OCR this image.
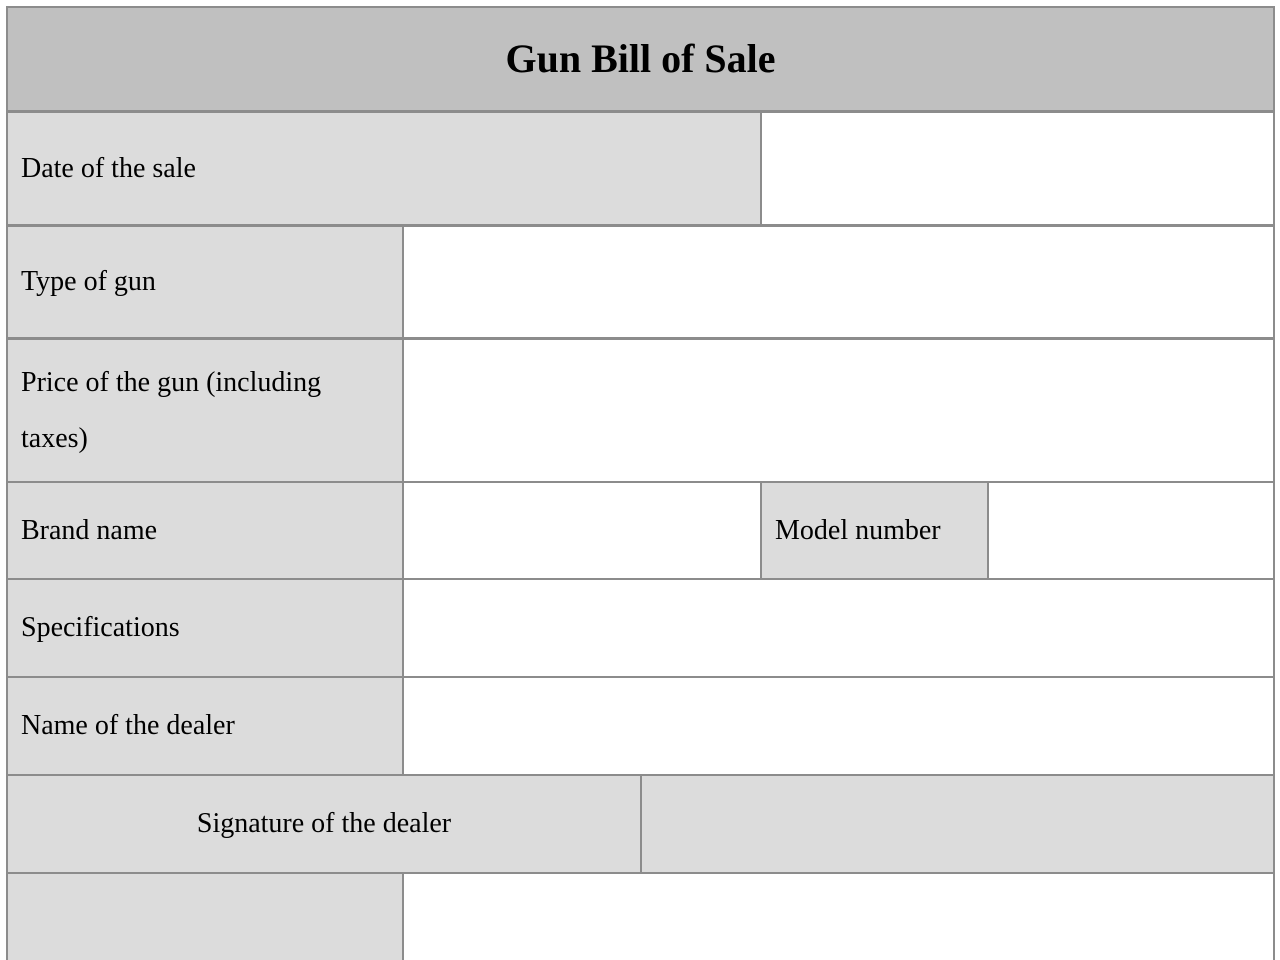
Gun Bill of Sale
Date of the sale
Type of gun
Price of the gun (including taxes)
Brand name	Model number
Specifications
Name of the dealer
Signature of the dealer
